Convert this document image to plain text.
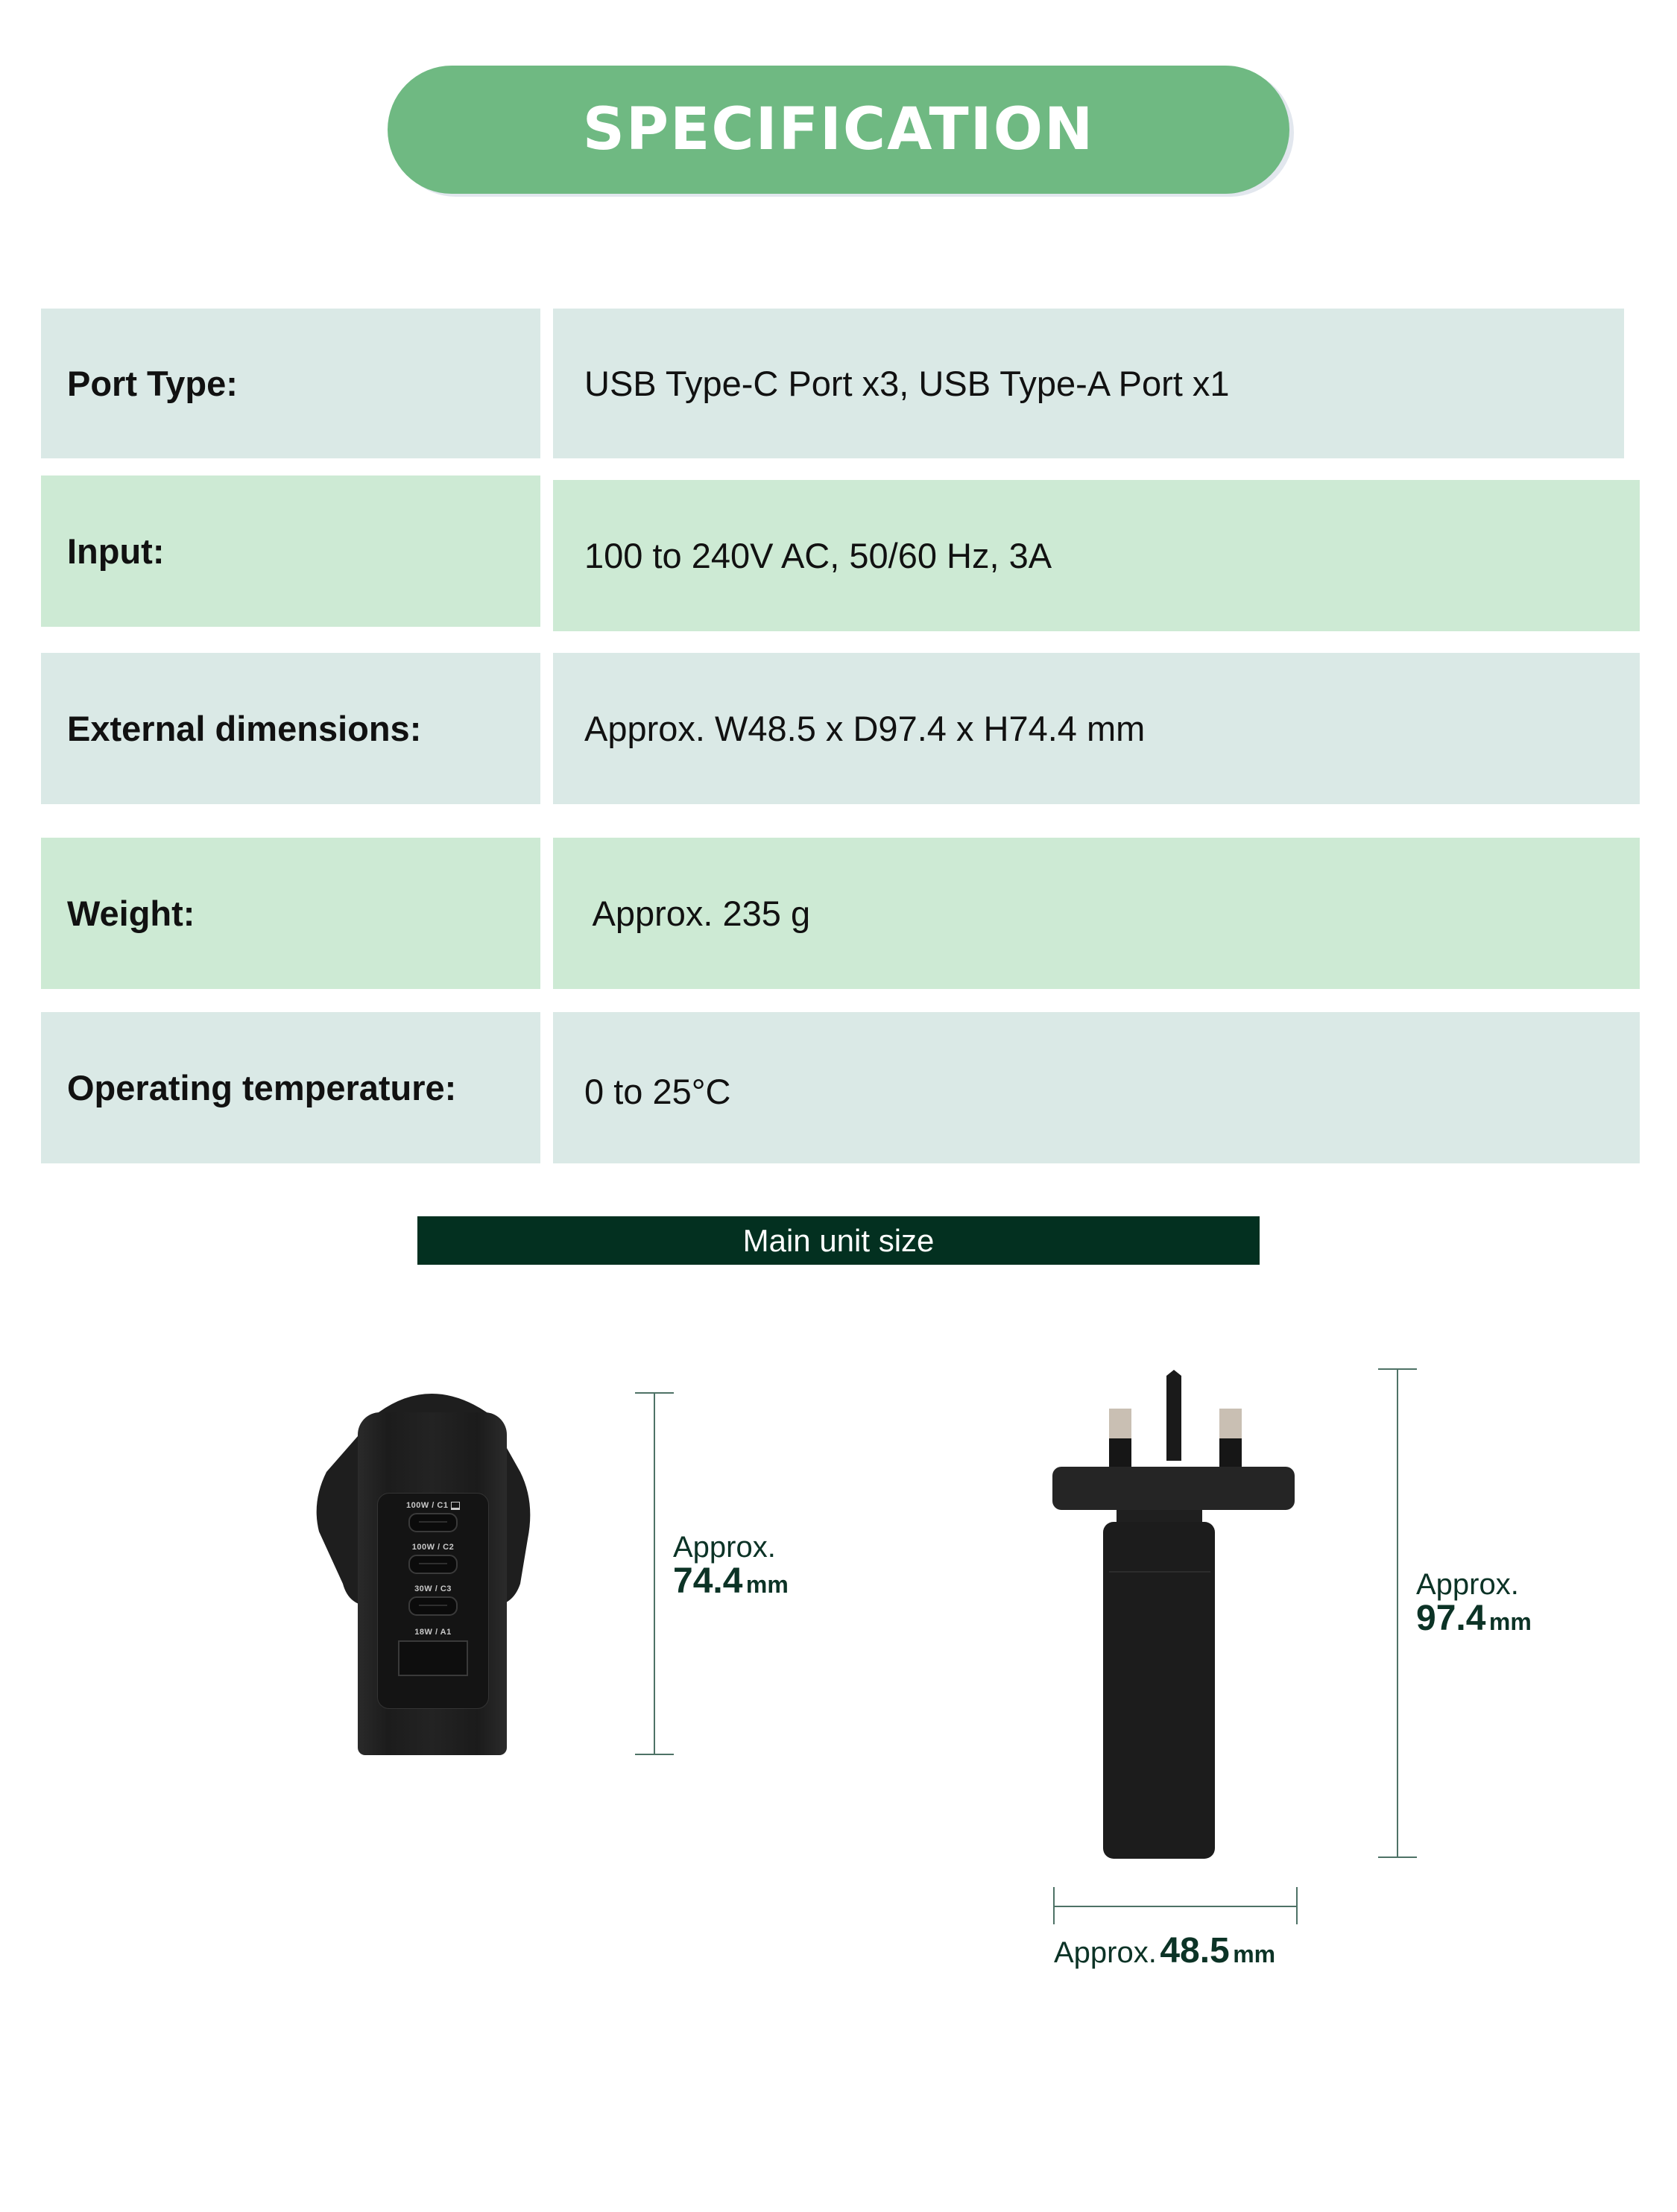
SPECIFICATION
Port Type:	USB Type-C Port x3, USB Type-A Port x1
Input:	100 to 240V AC, 50/60 Hz, 3A
External dimensions:	Approx. W48.5 x D97.4 x H74.4 mm
Weight:	Approx. 235 g
Operating temperature:	0 to 25°C
Main unit size
100W / C1
100W / C2
30W / C3
18W / A1
Approx.
74.4 mm	Approx.
97.4 mm
Approx. 48.5 mm
